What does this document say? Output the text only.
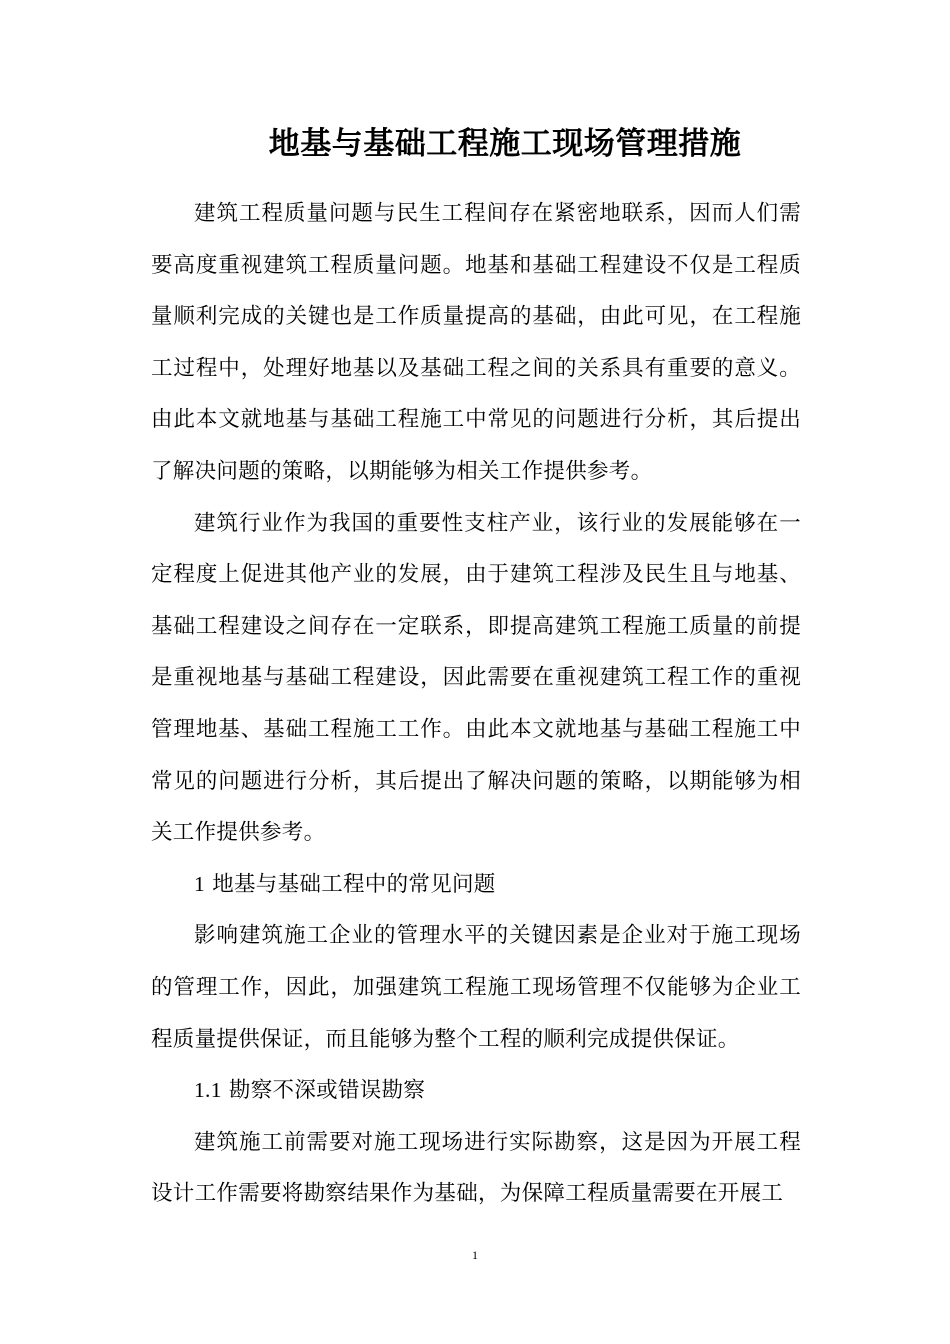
地基与基础工程施工现场管理措施

建筑工程质量问题与民生工程间存在紧密地联系，因而人们需要高度重视建筑工程质量问题。地基和基础工程建设不仅是工程质量顺利完成的关键也是工作质量提高的基础，由此可见，在工程施工过程中，处理好地基以及基础工程之间的关系具有重要的意义。由此本文就地基与基础工程施工中常见的问题进行分析，其后提出了解决问题的策略，以期能够为相关工作提供参考。

建筑行业作为我国的重要性支柱产业，该行业的发展能够在一定程度上促进其他产业的发展，由于建筑工程涉及民生且与地基、基础工程建设之间存在一定联系，即提高建筑工程施工质量的前提是重视地基与基础工程建设，因此需要在重视建筑工程工作的重视管理地基、基础工程施工工作。由此本文就地基与基础工程施工中常见的问题进行分析，其后提出了解决问题的策略，以期能够为相关工作提供参考。

1 地基与基础工程中的常见问题

影响建筑施工企业的管理水平的关键因素是企业对于施工现场的管理工作，因此，加强建筑工程施工现场管理不仅能够为企业工程质量提供保证，而且能够为整个工程的顺利完成提供保证。

1.1 勘察不深或错误勘察

建筑施工前需要对施工现场进行实际勘察，这是因为开展工程设计工作需要将勘察结果作为基础，为保障工程质量需要在开展工

1
